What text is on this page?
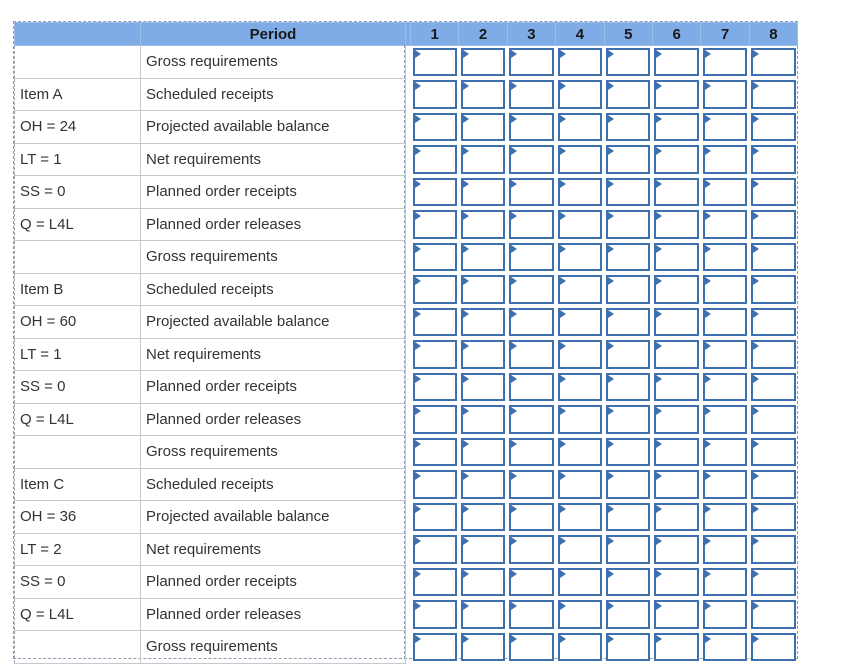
	Period		1	2	3	4	5	6	7	8
	Gross requirements		

Item A	Scheduled receipts		

OH = 24	Projected available balance		

LT = 1	Net requirements		

SS = 0	Planned order receipts		

Q = L4L	Planned order releases		

	Gross requirements		

Item B	Scheduled receipts		

OH = 60	Projected available balance		

LT = 1	Net requirements		

SS = 0	Planned order receipts		

Q = L4L	Planned order releases		

	Gross requirements		

Item C	Scheduled receipts		

OH = 36	Projected available balance		

LT = 2	Net requirements		

SS = 0	Planned order receipts		

Q = L4L	Planned order releases		

	Gross requirements		
